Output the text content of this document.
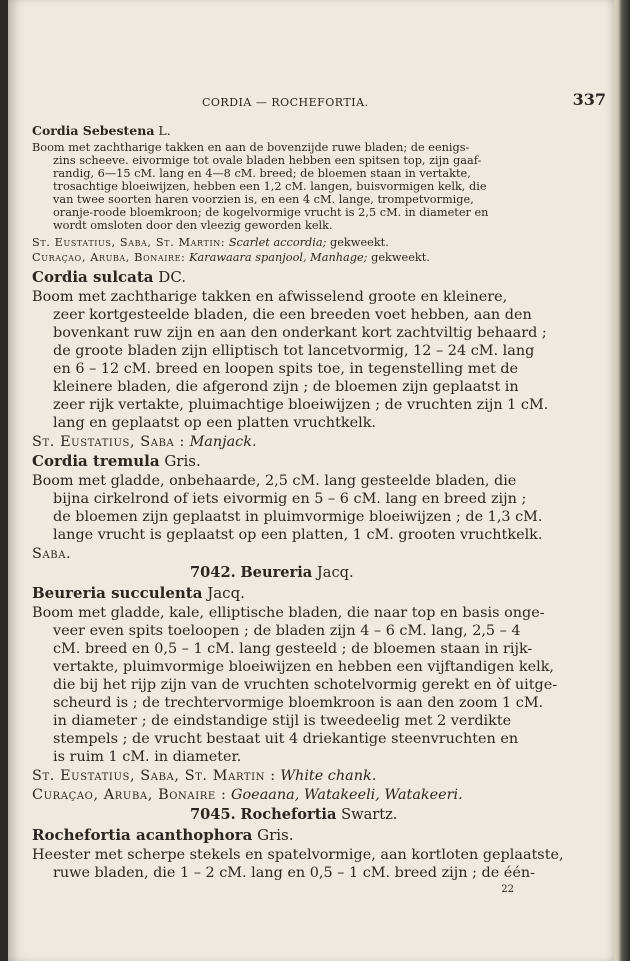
CORDIA — ROCHEFORTIA.	337
Cordia Sebestena L.
Boom met zachtharige takken en aan de bovenzijde ruwe bladen; de eenigs-
zins scheeve. eivormige tot ovale bladen hebben een spitsen top, zijn gaaf-
randig, 6—15 cM. lang en 4—8 cM. breed; de bloemen staan in vertakte,
trosachtige bloeiwijzen, hebben een 1,2 cM. langen, buisvormigen kelk, die
van twee soorten haren voorzien is, en een 4 cM. lange, trompetvormige,
oranje-roode bloemkroon; de kogelvormige vrucht is 2,5 cM. in diameter en
wordt omsloten door den vleezig geworden kelk.
St. Eustatius, Saba, St. Martin: Scarlet accordia; gekweekt.
Curaçao, Aruba, Bonaire: Karawaara spanjool, Manhage; gekweekt.
Cordia sulcata DC.
Boom met zachtharige takken en afwisselend groote en kleinere,
zeer kortgesteelde bladen, die een breeden voet hebben, aan den
bovenkant ruw zijn en aan den onderkant kort zachtviltig behaard ;
de groote bladen zijn elliptisch tot lancetvormig, 12 – 24 cM. lang
en 6 – 12 cM. breed en loopen spits toe, in tegenstelling met de
kleinere bladen, die afgerond zijn ; de bloemen zijn geplaatst in
zeer rijk vertakte, pluimachtige bloeiwijzen ; de vruchten zijn 1 cM.
lang en geplaatst op een platten vruchtkelk.
St. Eustatius, Saba : Manjack.
Cordia tremula Gris.
Boom met gladde, onbehaarde, 2,5 cM. lang gesteelde bladen, die
bijna cirkelrond of iets eivormig en 5 – 6 cM. lang en breed zijn ;
de bloemen zijn geplaatst in pluimvormige bloeiwijzen ; de 1,3 cM.
lange vrucht is geplaatst op een platten, 1 cM. grooten vruchtkelk.
Saba.
7042. Beureria Jacq.
Beureria succulenta Jacq.
Boom met gladde, kale, elliptische bladen, die naar top en basis onge-
veer even spits toeloopen ; de bladen zijn 4 – 6 cM. lang, 2,5 – 4
cM. breed en 0,5 – 1 cM. lang gesteeld ; de bloemen staan in rijk-
vertakte, pluimvormige bloeiwijzen en hebben een vijftandigen kelk,
die bij het rijp zijn van de vruchten schotelvormig gerekt en òf uitge-
scheurd is ; de trechtervormige bloemkroon is aan den zoom 1 cM.
in diameter ; de eindstandige stijl is tweedeelig met 2 verdikte
stempels ; de vrucht bestaat uit 4 driekantige steenvruchten en
is ruim 1 cM. in diameter.
St. Eustatius, Saba, St. Martin : White chank.
Curaçao, Aruba, Bonaire : Goeaana, Watakeeli, Watakeeri.
7045. Rochefortia Swartz.
Rochefortia acanthophora Gris.
Heester met scherpe stekels en spatelvormige, aan kortloten geplaatste,
ruwe bladen, die 1 – 2 cM. lang en 0,5 – 1 cM. breed zijn ; de één-
22
